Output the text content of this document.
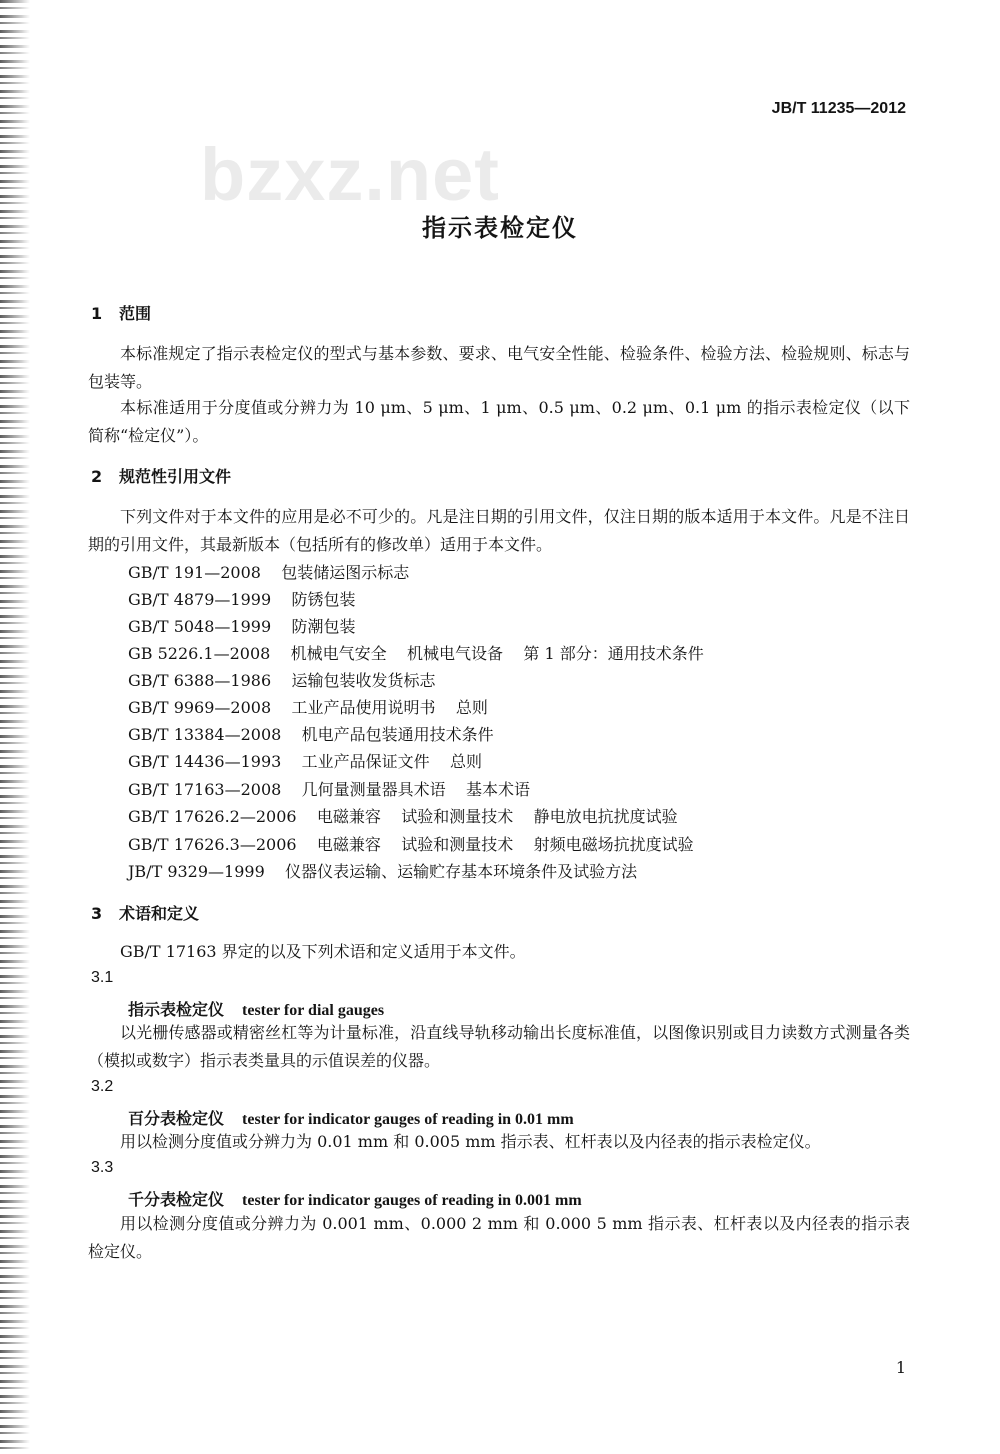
JB/T 11235—2012
bzxz.net
指示表检定仪
1 范围
本标准规定了指示表检定仪的型式与基本参数、要求、电气安全性能、检验条件、检验方法、检验规则、标志与包装等。
本标准适用于分度值或分辨力为 10 μm、5 μm、1 μm、0.5 μm、0.2 μm、0.1 μm 的指示表检定仪（以下简称“检定仪”）。
2 规范性引用文件
下列文件对于本文件的应用是必不可少的。凡是注日期的引用文件，仅注日期的版本适用于本文件。凡是不注日期的引用文件，其最新版本（包括所有的修改单）适用于本文件。
GB/T 191—2008    包装储运图示标志
GB/T 4879—1999    防锈包装
GB/T 5048—1999    防潮包装
GB 5226.1—2008    机械电气安全    机械电气设备    第 1 部分：通用技术条件
GB/T 6388—1986    运输包装收发货标志
GB/T 9969—2008    工业产品使用说明书    总则
GB/T 13384—2008    机电产品包装通用技术条件
GB/T 14436—1993    工业产品保证文件    总则
GB/T 17163—2008    几何量测量器具术语    基本术语
GB/T 17626.2—2006    电磁兼容    试验和测量技术    静电放电抗扰度试验
GB/T 17626.3—2006    电磁兼容    试验和测量技术    射频电磁场抗扰度试验
JB/T 9329—1999    仪器仪表运输、运输贮存基本环境条件及试验方法
3 术语和定义
GB/T 17163 界定的以及下列术语和定义适用于本文件。
3.1
指示表检定仪 tester for dial gauges
以光栅传感器或精密丝杠等为计量标准，沿直线导轨移动输出长度标准值，以图像识别或目力读数方式测量各类（模拟或数字）指示表类量具的示值误差的仪器。
3.2
百分表检定仪 tester for indicator gauges of reading in 0.01 mm
用以检测分度值或分辨力为 0.01 mm 和 0.005 mm 指示表、杠杆表以及内径表的指示表检定仪。
3.3
千分表检定仪 tester for indicator gauges of reading in 0.001 mm
用以检测分度值或分辨力为 0.001 mm、0.000 2 mm 和 0.000 5 mm 指示表、杠杆表以及内径表的指示表检定仪。
1
